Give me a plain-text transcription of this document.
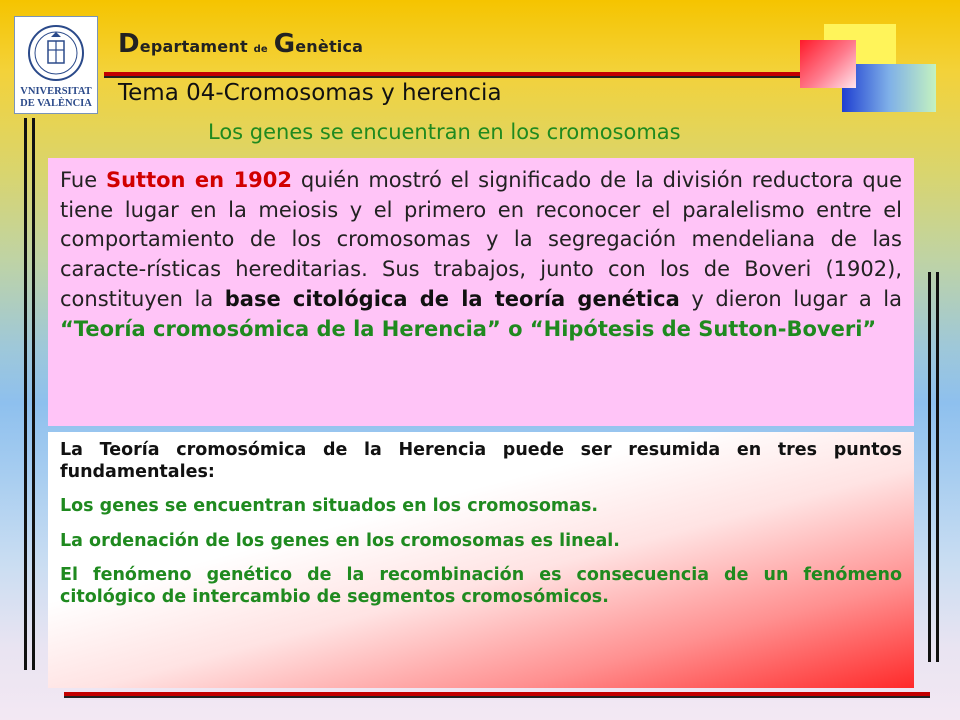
VNIVERSITAT
DE VALÈNCIA
Departament de Genètica
Tema 04-Cromosomas y herencia
Los genes se encuentran en los cromosomas
Fue Sutton en 1902 quién mostró el significado de la división reductora que tiene lugar en la meiosis y el primero en reconocer el paralelismo entre el comportamiento de los cromosomas y la segregación mendeliana de las caracte-rísticas hereditarias. Sus trabajos, junto con los de Boveri (1902), constituyen la base citológica de la teoría genética y dieron lugar a la “Teoría cromosómica de la Herencia” o “Hipótesis de Sutton-Boveri”

La Teoría cromosómica de la Herencia puede ser resumida en tres puntos fundamentales:

Los genes se encuentran situados en los cromosomas.

La ordenación de los genes en los cromosomas es lineal.

El fenómeno genético de la recombinación es consecuencia de un fenómeno citológico de intercambio de segmentos cromosómicos.
